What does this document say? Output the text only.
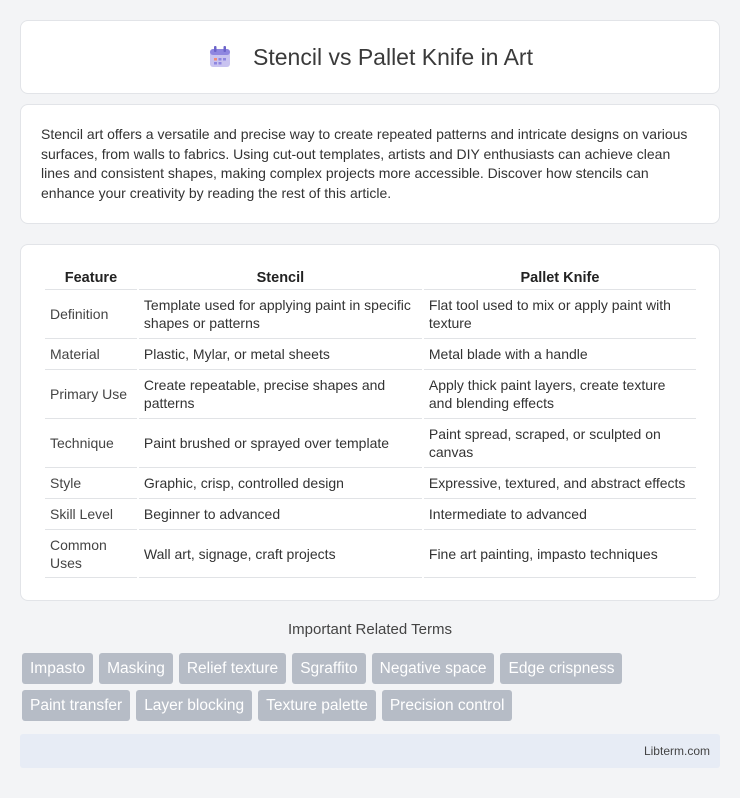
Stencil vs Pallet Knife in Art

Stencil art offers a versatile and precise way to create repeated patterns and intricate designs on various surfaces, from walls to fabrics. Using cut-out templates, artists and DIY enthusiasts can achieve clean lines and consistent shapes, making complex projects more accessible. Discover how stencils can enhance your creativity by reading the rest of this article.

Feature	Stencil	Pallet Knife
Definition	Template used for applying paint in specific shapes or patterns	Flat tool used to mix or apply paint with texture
Material	Plastic, Mylar, or metal sheets	Metal blade with a handle
Primary Use	Create repeatable, precise shapes and patterns	Apply thick paint layers, create texture and blending effects
Technique	Paint brushed or sprayed over template	Paint spread, scraped, or sculpted on canvas
Style	Graphic, crisp, controlled design	Expressive, textured, and abstract effects
Skill Level	Beginner to advanced	Intermediate to advanced
Common Uses	Wall art, signage, craft projects	Fine art painting, impasto techniques
Important Related Terms
Impasto	Masking	Relief texture	Sgraffito	Negative space	Edge crispness
Paint transfer	Layer blocking	Texture palette	Precision control
Libterm.com
